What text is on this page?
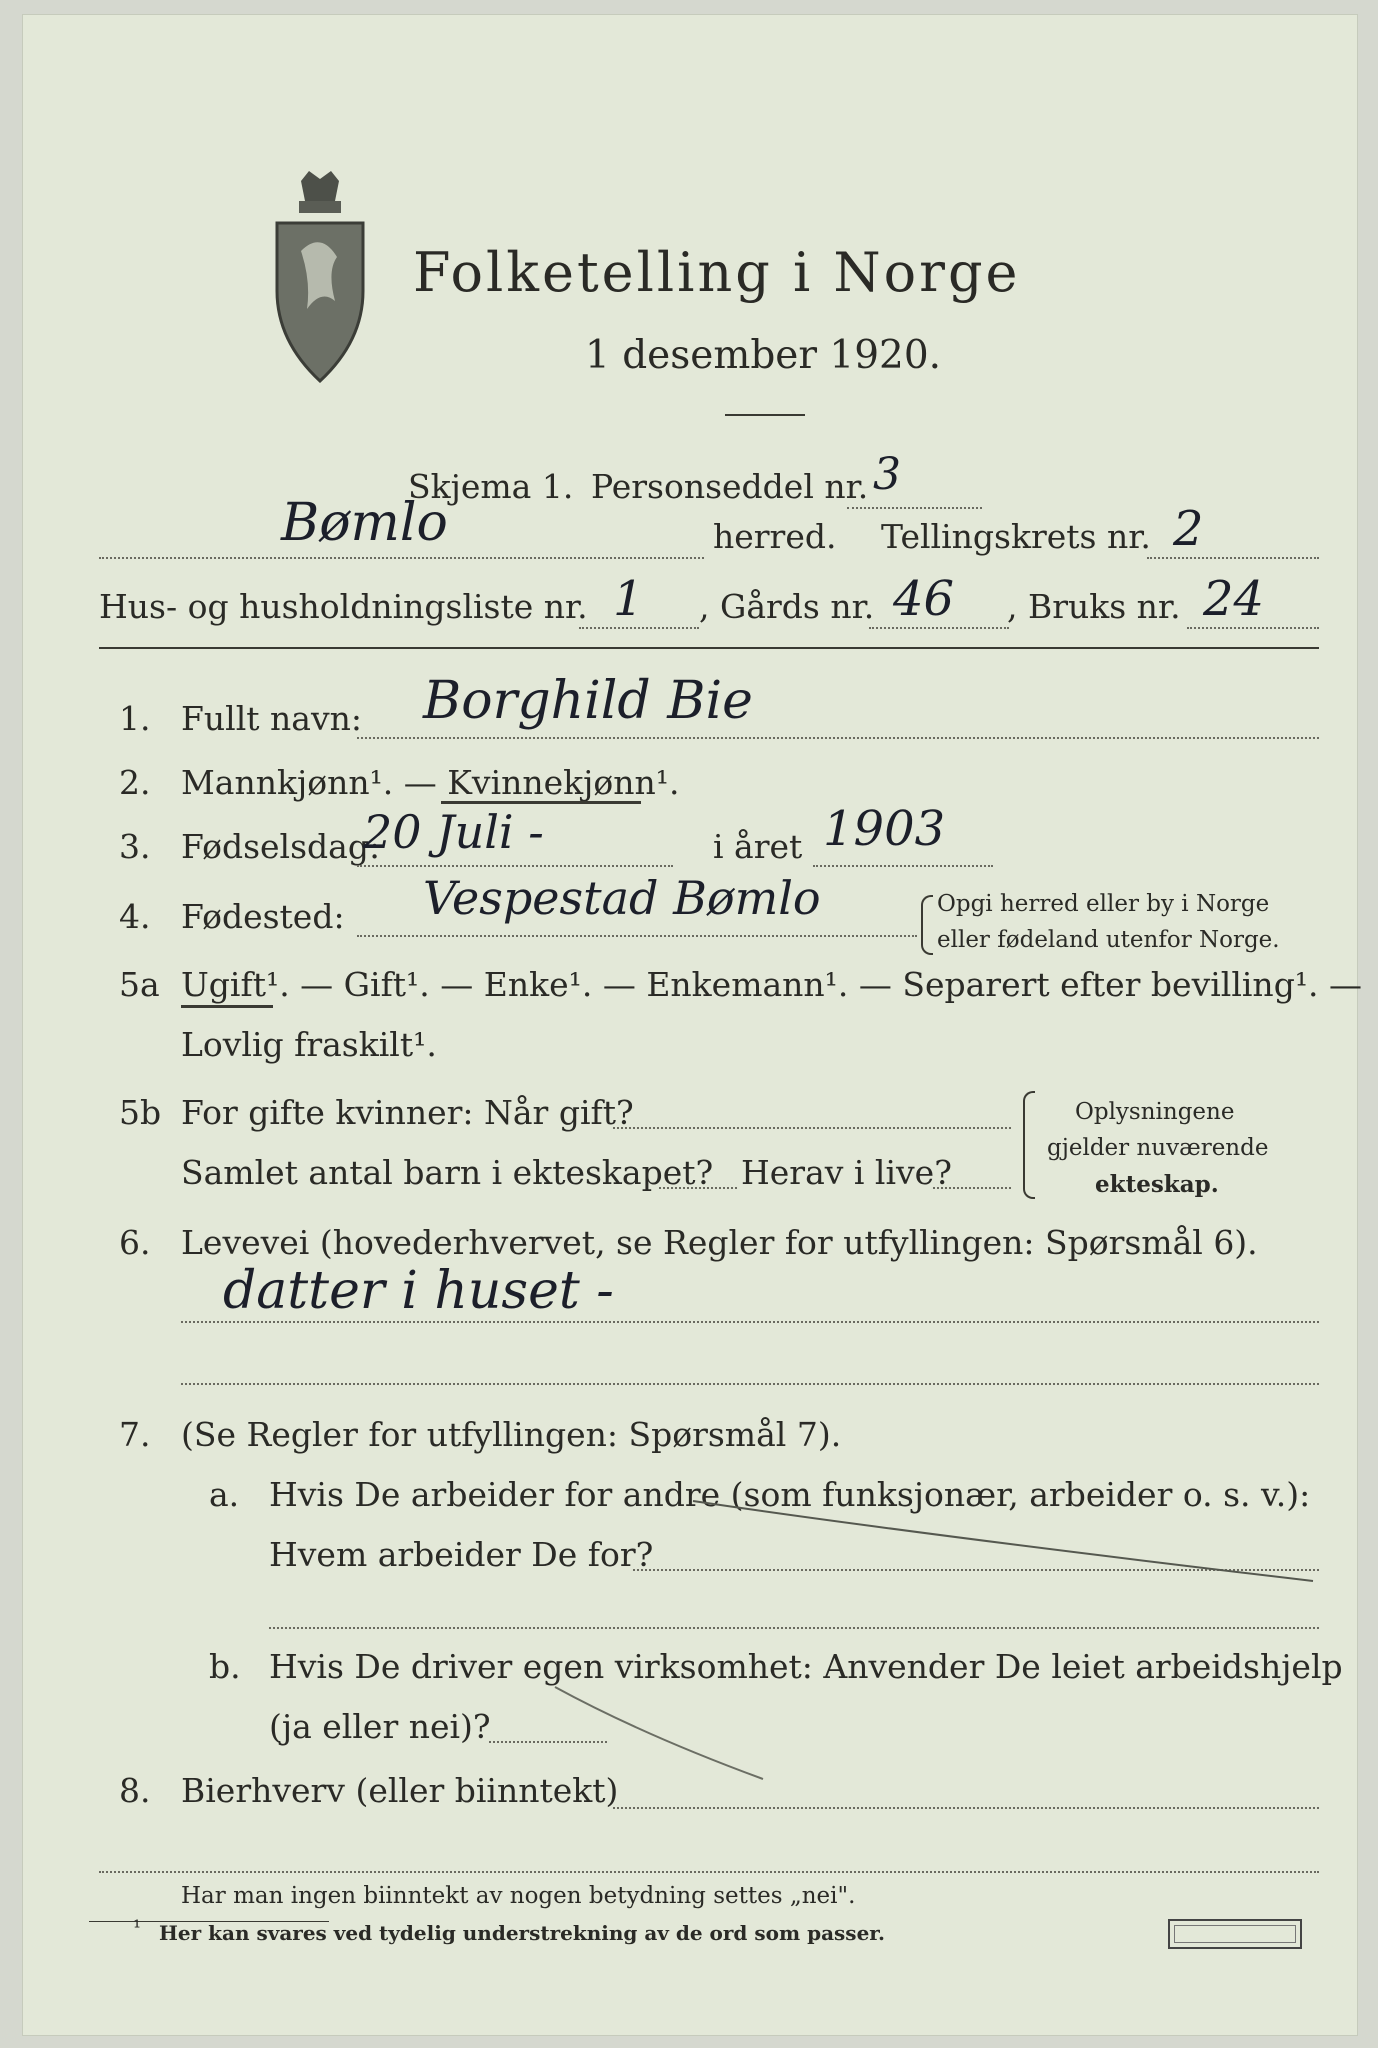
Folketelling i Norge
1 desember 1920.
Skjema 1. Personseddel nr. 3
Bømlo	herred. Tellingskrets nr. 2
Hus- og husholdningsliste nr. 1 , Gårds nr. 46 , Bruks nr. 24
1. Fullt navn: Borghild Bie
2. Mannkjønn¹. — Kvinnekjønn¹.
3. Fødselsdag:
20 Juli -	i året 1903
4. Fødested: Vespestad Bømlo	Opgi herred eller by i Norge
eller fødeland utenfor Norge.
5a Ugift¹. — Gift¹. — Enke¹. — Enkemann¹. — Separert efter bevilling¹. —
Lovlig fraskilt¹.
5b For gifte kvinner: Når gift?
Samlet antal barn i ekteskapet? Herav i live?
Oplysningene
gjelder nuværende
ekteskap.
6. Levevei (hovederhvervet, se Regler for utfyllingen: Spørsmål 6).
datter i huset -
7. (Se Regler for utfyllingen: Spørsmål 7).
a. Hvis De arbeider for andre (som funksjonær, arbeider o. s. v.):
Hvem arbeider De for?
b. Hvis De driver egen virksomhet: Anvender De leiet arbeidshjelp
(ja eller nei)?
8. Bierhverv (eller biinntekt)
Har man ingen biinntekt av nogen betydning settes „nei".
¹ Her kan svares ved tydelig understrekning av de ord som passer.
